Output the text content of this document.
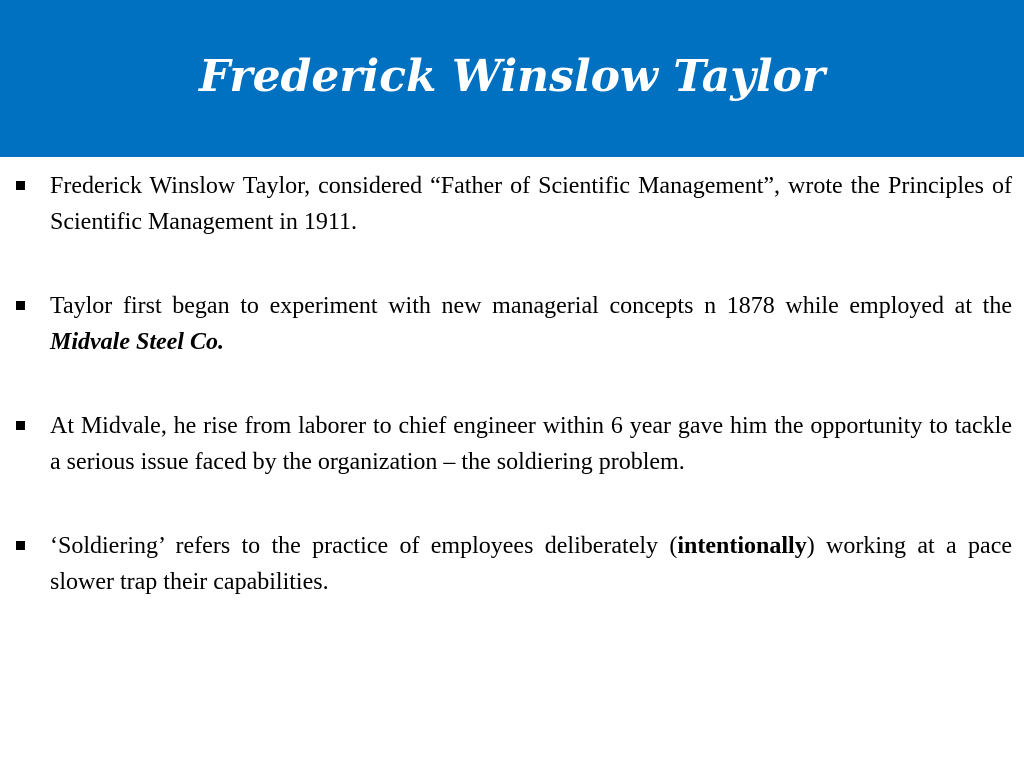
Frederick Winslow Taylor
Frederick Winslow Taylor, considered “Father of Scientific Management”, wrote the Principles of Scientific Management in 1911.
Taylor first began to experiment with new managerial concepts n 1878 while employed at the Midvale Steel Co.
At Midvale, he rise from laborer to chief engineer within 6 year gave him the opportunity to tackle a serious issue faced by the organization – the soldiering problem.
‘Soldiering’ refers to the practice of employees deliberately (intentionally) working at a pace slower trap their capabilities.
